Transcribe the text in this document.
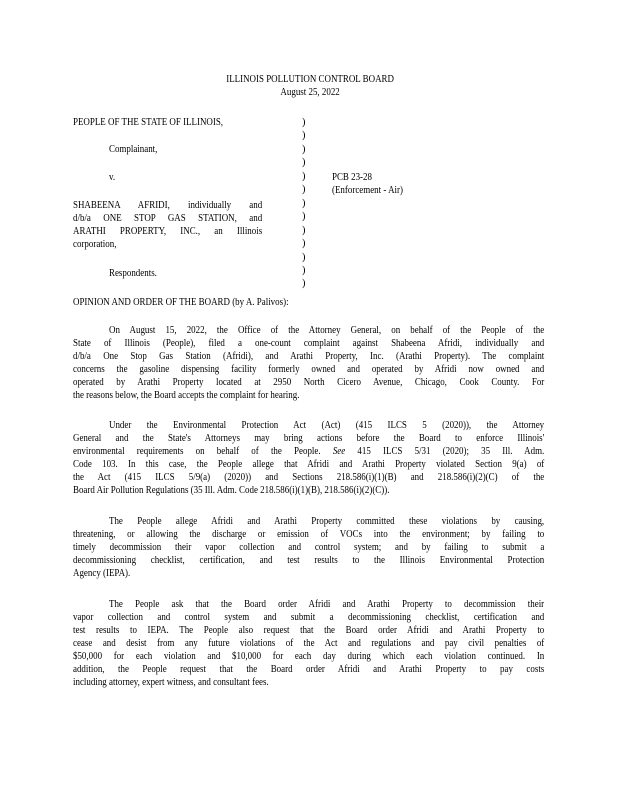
ILLINOIS POLLUTION CONTROL BOARD
August 25, 2022
PEOPLE OF THE STATE OF ILLINOIS,
Complainant,
v.
SHABEENA AFRIDI, individually and
d/b/a ONE STOP GAS STATION, and
ARATHI PROPERTY, INC., an Illinois
corporation,
Respondents.
PCB 23-28
(Enforcement - Air)
)
)
)
)
)
)
)
)
)
)
)
)
)
OPINION AND ORDER OF THE BOARD (by A. Palivos):
On August 15, 2022, the Office of the Attorney General, on behalf of the People of the
State of Illinois (People), filed a one-count complaint against Shabeena Afridi, individually and
d/b/a One Stop Gas Station (Afridi), and Arathi Property, Inc. (Arathi Property). The complaint
concerns the gasoline dispensing facility formerly owned and operated by Afridi now owned and
operated by Arathi Property located at 2950 North Cicero Avenue, Chicago, Cook County. For
the reasons below, the Board accepts the complaint for hearing.
Under the Environmental Protection Act (Act) (415 ILCS 5 (2020)), the Attorney
General and the State's Attorneys may bring actions before the Board to enforce Illinois'
environmental requirements on behalf of the People. See 415 ILCS 5/31 (2020); 35 Ill. Adm.
Code 103. In this case, the People allege that Afridi and Arathi Property violated Section 9(a) of
the Act (415 ILCS 5/9(a) (2020)) and Sections 218.586(i)(1)(B) and 218.586(i)(2)(C) of the
Board Air Pollution Regulations (35 Ill. Adm. Code 218.586(i)(1)(B), 218.586(i)(2)(C)).
The People allege Afridi and Arathi Property committed these violations by causing,
threatening, or allowing the discharge or emission of VOCs into the environment; by failing to
timely decommission their vapor collection and control system; and by failing to submit a
decommissioning checklist, certification, and test results to the Illinois Environmental Protection
Agency (IEPA).
The People ask that the Board order Afridi and Arathi Property to decommission their
vapor collection and control system and submit a decommissioning checklist, certification and
test results to IEPA. The People also request that the Board order Afridi and Arathi Property to
cease and desist from any future violations of the Act and regulations and pay civil penalties of
$50,000 for each violation and $10,000 for each day during which each violation continued. In
addition, the People request that the Board order Afridi and Arathi Property to pay costs
including attorney, expert witness, and consultant fees.
